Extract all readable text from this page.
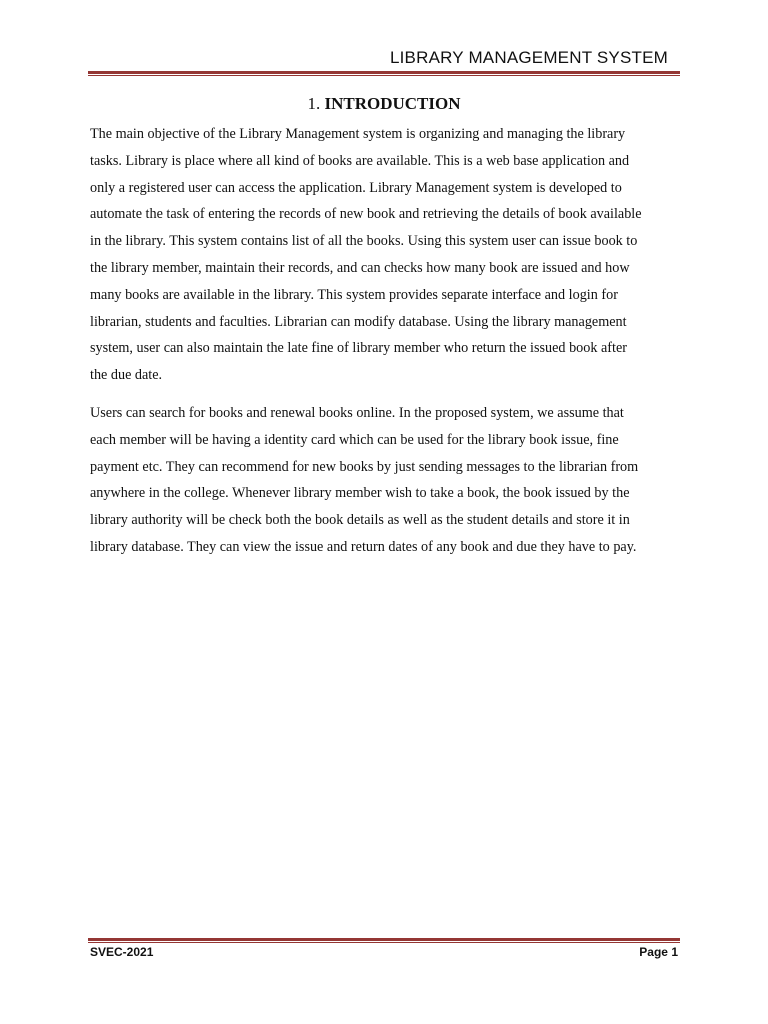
LIBRARY MANAGEMENT SYSTEM
1. INTRODUCTION

The main objective of the Library Management system is organizing and managing the library
tasks. Library is place where all kind of books are available. This is a web base application and
only a registered user can access the application. Library Management system is developed to
automate the task of entering the records of new book and retrieving the details of book available
in the library. This system contains list of all the books. Using this system user can issue book to
the library member, maintain their records, and can checks how many book are issued and how
many books are available in the library. This system provides separate interface and login for
librarian, students and faculties. Librarian can modify database. Using the library management
system, user can also maintain the late fine of library member who return the issued book after
the due date.

Users can search for books and renewal books online. In the proposed system, we assume that
each member will be having a identity card which can be used for the library book issue, fine
payment etc. They can recommend for new books by just sending messages to the librarian from
anywhere in the college. Whenever library member wish to take a book, the book issued by the
library authority will be check both the book details as well as the student details and store it in
library database. They can view the issue and return dates of any book and due they have to pay.

SVEC-2021	Page 1
